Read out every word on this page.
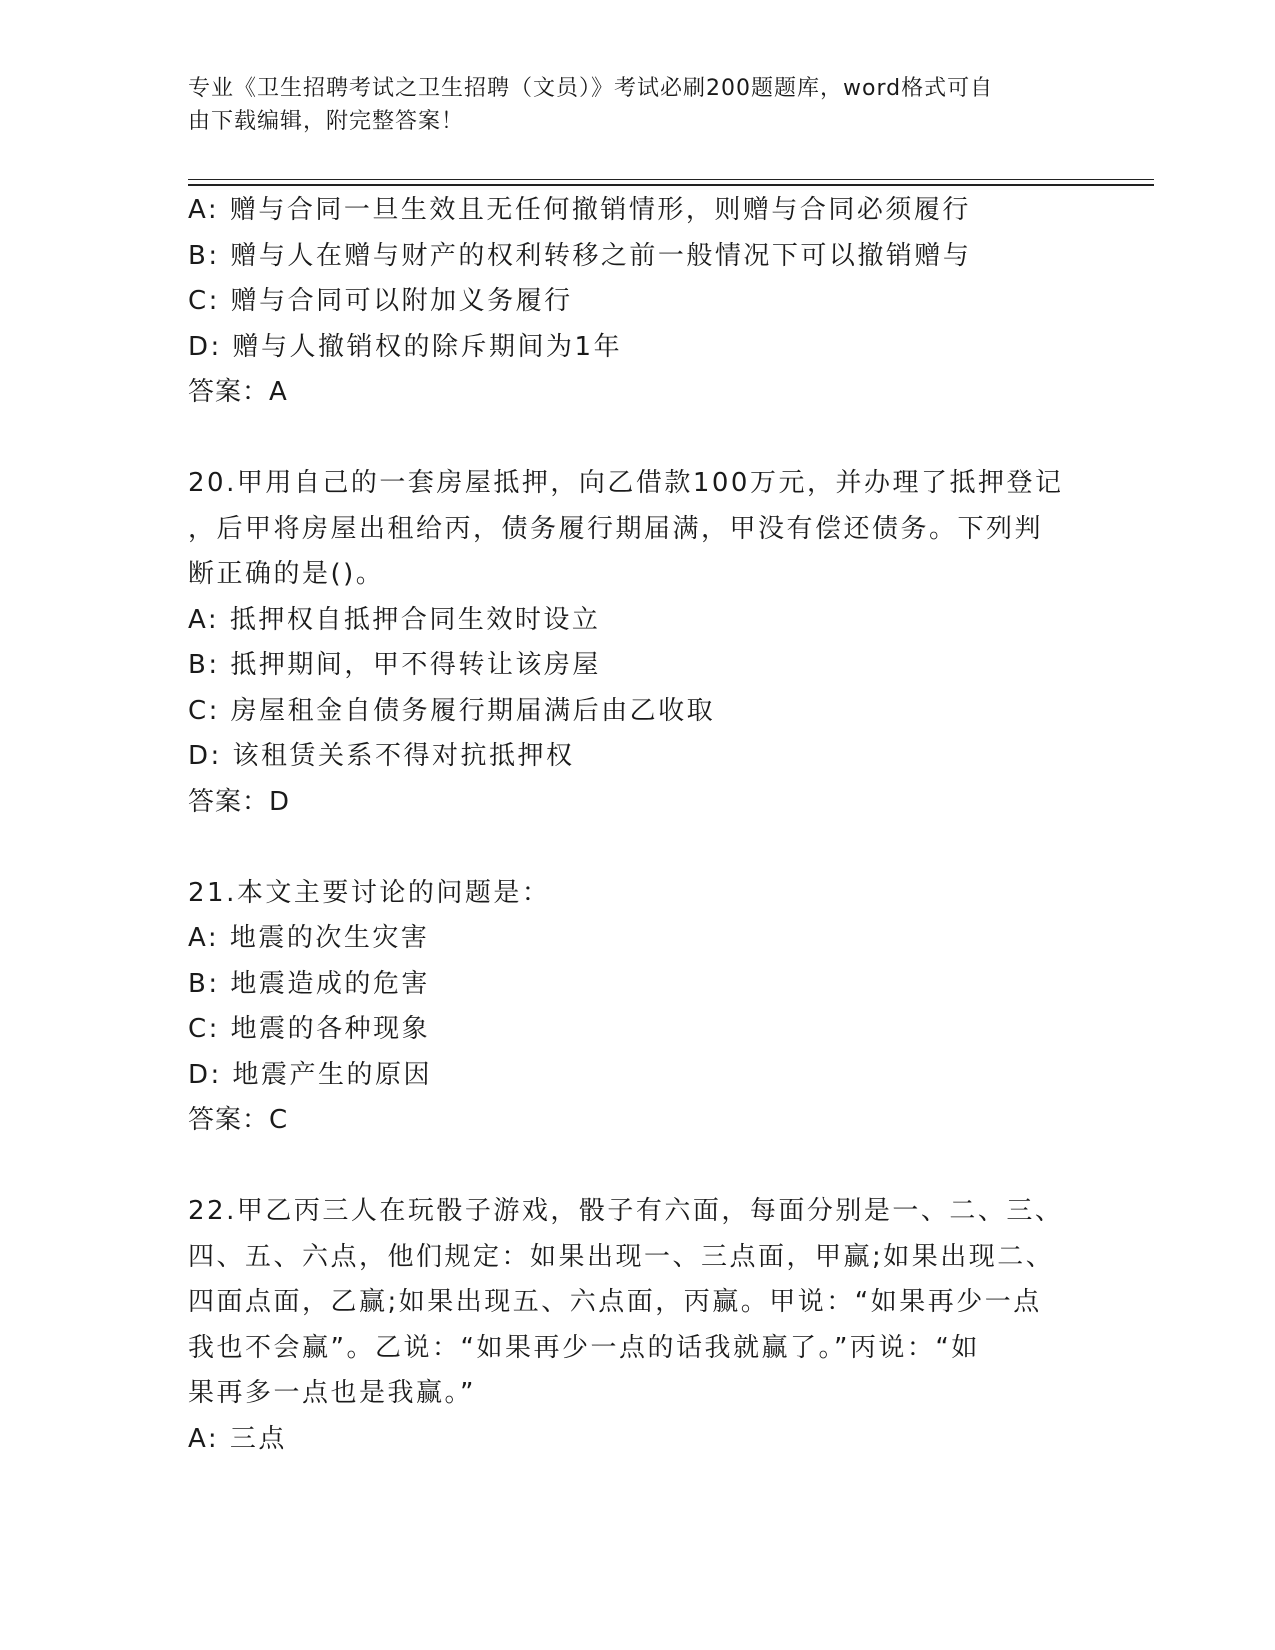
专业《卫生招聘考试之卫生招聘（文员）》考试必刷200题题库，word格式可自
由下载编辑，附完整答案！
A: 赠与合同一旦生效且无任何撤销情形，则赠与合同必须履行
B: 赠与人在赠与财产的权利转移之前一般情况下可以撤销赠与
C: 赠与合同可以附加义务履行
D: 赠与人撤销权的除斥期间为1年
答案：A
20.甲用自己的一套房屋抵押，向乙借款100万元，并办理了抵押登记
，后甲将房屋出租给丙，债务履行期届满，甲没有偿还债务。下列判
断正确的是()。
A: 抵押权自抵押合同生效时设立
B: 抵押期间，甲不得转让该房屋
C: 房屋租金自债务履行期届满后由乙收取
D: 该租赁关系不得对抗抵押权
答案：D
21.本文主要讨论的问题是：
A: 地震的次生灾害
B: 地震造成的危害
C: 地震的各种现象
D: 地震产生的原因
答案：C
22.甲乙丙三人在玩骰子游戏，骰子有六面，每面分别是一、二、三、
四、五、六点，他们规定：如果出现一、三点面，甲赢;如果出现二、
四面点面，乙赢;如果出现五、六点面，丙赢。甲说：“如果再少一点
我也不会赢”。乙说：“如果再少一点的话我就赢了。”丙说：“如
果再多一点也是我赢。”
A: 三点
